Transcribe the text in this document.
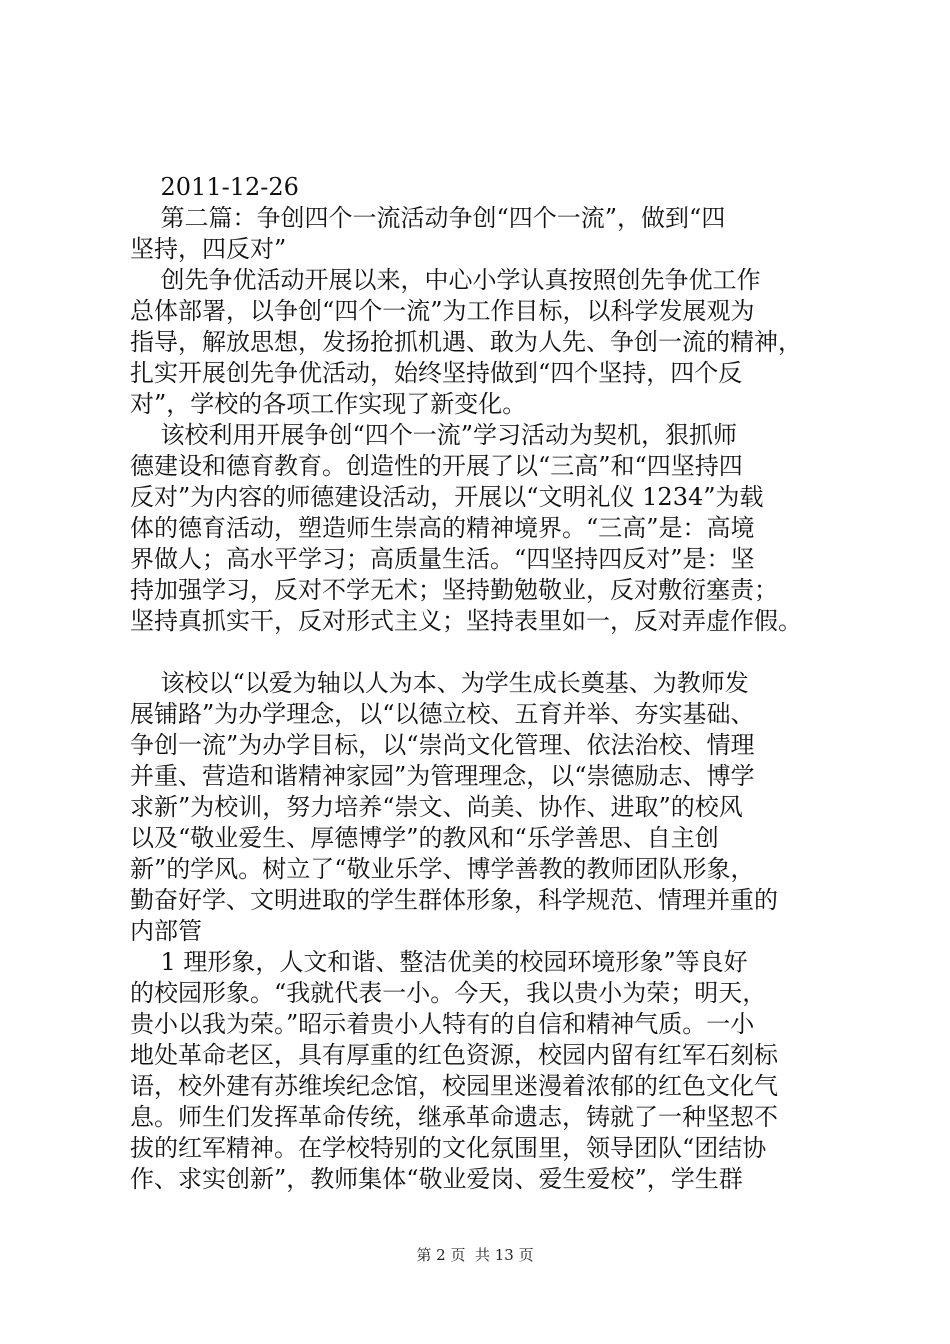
2011-12-26
第二篇：争创四个一流活动争创“四个一流”，做到“四
坚持，四反对”
创先争优活动开展以来，中心小学认真按照创先争优工作
总体部署，以争创“四个一流”为工作目标，以科学发展观为
指导，解放思想，发扬抢抓机遇、敢为人先、争创一流的精神，
扎实开展创先争优活动，始终坚持做到“四个坚持，四个反
对”，学校的各项工作实现了新变化。
该校利用开展争创“四个一流”学习活动为契机，狠抓师
德建设和德育教育。创造性的开展了以“三高”和“四坚持四
反对”为内容的师德建设活动，开展以“文明礼仪 1234”为载
体的德育活动，塑造师生崇高的精神境界。“三高”是：高境
界做人；高水平学习；高质量生活。“四坚持四反对”是：坚
持加强学习，反对不学无术；坚持勤勉敬业，反对敷衍塞责；
坚持真抓实干，反对形式主义；坚持表里如一，反对弄虚作假。
该校以“以爱为轴以人为本、为学生成长奠基、为教师发
展铺路”为办学理念，以“以德立校、五育并举、夯实基础、
争创一流”为办学目标，以“崇尚文化管理、依法治校、情理
并重、营造和谐精神家园”为管理理念，以“崇德励志、博学
求新”为校训，努力培养“崇文、尚美、协作、进取”的校风
以及“敬业爱生、厚德博学”的教风和“乐学善思、自主创
新”的学风。树立了“敬业乐学、博学善教的教师团队形象，
勤奋好学、文明进取的学生群体形象，科学规范、情理并重的
内部管
1 理形象，人文和谐、整洁优美的校园环境形象”等良好
的校园形象。“我就代表一小。今天，我以贵小为荣；明天，
贵小以我为荣。”昭示着贵小人特有的自信和精神气质。一小
地处革命老区，具有厚重的红色资源，校园内留有红军石刻标
语，校外建有苏维埃纪念馆，校园里迷漫着浓郁的红色文化气
息。师生们发挥革命传统，继承革命遗志，铸就了一种坚恝不
拔的红军精神。在学校特别的文化氛围里，领导团队“团结协
作、求实创新”，教师集体“敬业爱岗、爱生爱校”，学生群
第 2 页  共 13 页
